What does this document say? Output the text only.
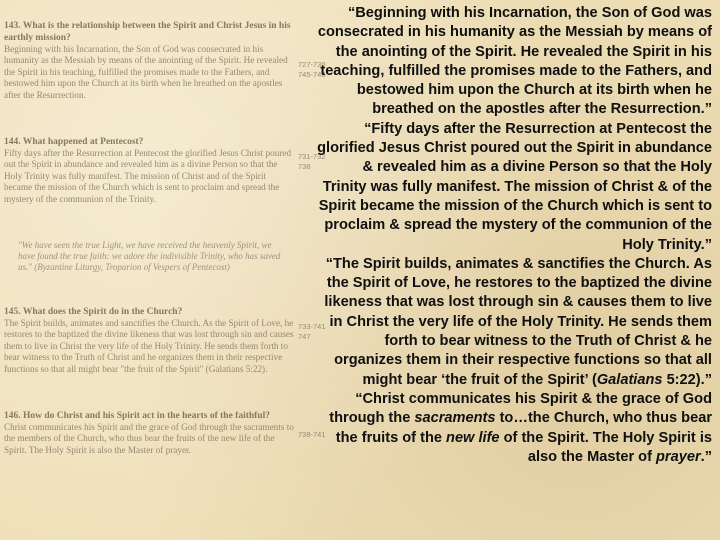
143. What is the relationship between the Spirit and Christ Jesus in his earthly mission?
Beginning with his Incarnation, the Son of God was consecrated in his humanity as the Messiah by means of the anointing of the Spirit. He revealed the Spirit in his teaching, fulfilled the promises made to the Fathers, and bestowed him upon the Church at its birth when he breathed on the apostles after the Resurrection.
727-730
745-746
144. What happened at Pentecost?
Fifty days after the Resurrection at Pentecost the glorified Jesus Christ poured out the Spirit in abundance and revealed him as a divine Person so that the Holy Trinity was fully manifest. The mission of Christ and of the Spirit became the mission of the Church which is sent to proclaim and spread the mystery of the communion of the Trinity.
731-732
738
"We have seen the true Light, we have received the heavenly Spirit, we have found the true faith: we adore the indivisible Trinity, who has saved us." (Byzantine Liturgy, Troparion of Vespers of Pentecost)
145. What does the Spirit do in the Church?
The Spirit builds, animates and sanctifies the Church. As the Spirit of Love, he restores to the baptized the divine likeness that was lost through sin and causes them to live in Christ the very life of the Holy Trinity. He sends them forth to bear witness to the Truth of Christ and he organizes them in their respective functions so that all might bear "the fruit of the Spirit" (Galatians 5:22).
733-741
747
146. How do Christ and his Spirit act in the hearts of the faithful?
Christ communicates his Spirit and the grace of God through the sacraments to the members of the Church, who thus bear the fruits of the new life of the Spirit. The Holy Spirit is also the Master of prayer.
738-741

“Beginning with his Incarnation, the Son of God was consecrated in his humanity as the Messiah by means of the anointing of the Spirit. He revealed the Spirit in his teaching, fulfilled the promises made to the Fathers, and bestowed him upon the Church at its birth when he breathed on the apostles after the Resurrection.”

“Fifty days after the Resurrection at Pentecost the glorified Jesus Christ poured out the Spirit in abundance & revealed him as a divine Person so that the Holy Trinity was fully manifest. The mission of Christ & of the Spirit became the mission of the Church which is sent to proclaim & spread the mystery of the communion of the Holy Trinity.”

“The Spirit builds, animates & sanctifies the Church. As the Spirit of Love, he restores to the baptized the divine likeness that was lost through sin & causes them to live in Christ the very life of the Holy Trinity. He sends them forth to bear witness to the Truth of Christ & he organizes them in their respective functions so that all might bear ‘the fruit of the Spirit’ (Galatians 5:22).”

“Christ communicates his Spirit & the grace of God through the sacraments to…the Church, who thus bear the fruits of the new life of the Spirit. The Holy Spirit is also the Master of prayer.”
